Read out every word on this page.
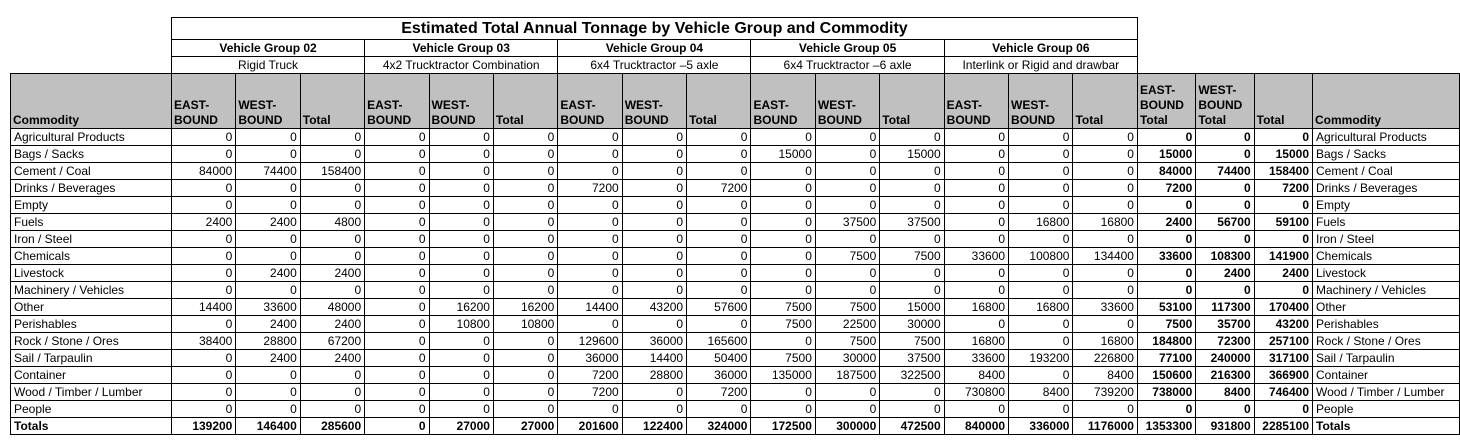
	Estimated Total Annual Tonnage by Vehicle Group and Commodity																		
	Vehicle Group 02			Vehicle Group 03			Vehicle Group 04			Vehicle Group 05			Vehicle Group 06						
	Rigid Truck			4x2 Trucktractor Combination			6x4 Trucktractor –5 axle			6x4 Trucktractor –6 axle			Interlink or Rigid and drawbar						
Commodity	EAST-BOUND	WEST-BOUND	Total	EAST-BOUND	WEST-BOUND	Total	EAST-BOUND	WEST-BOUND	Total	EAST-BOUND	WEST-BOUND	Total	EAST-BOUND	WEST-BOUND	Total	EAST-BOUND Total	WEST-BOUND Total	Total	Commodity
Agricultural Products	0	0	0	0	0	0	0	0	0	0	0	0	0	0	0	0	0	0	Agricultural Products
Bags / Sacks	0	0	0	0	0	0	0	0	0	15000	0	15000	0	0	0	15000	0	15000	Bags / Sacks
Cement / Coal	84000	74400	158400	0	0	0	0	0	0	0	0	0	0	0	0	84000	74400	158400	Cement / Coal
Drinks / Beverages	0	0	0	0	0	0	7200	0	7200	0	0	0	0	0	0	7200	0	7200	Drinks / Beverages
Empty	0	0	0	0	0	0	0	0	0	0	0	0	0	0	0	0	0	0	Empty
Fuels	2400	2400	4800	0	0	0	0	0	0	0	37500	37500	0	16800	16800	2400	56700	59100	Fuels
Iron / Steel	0	0	0	0	0	0	0	0	0	0	0	0	0	0	0	0	0	0	Iron / Steel
Chemicals	0	0	0	0	0	0	0	0	0	0	7500	7500	33600	100800	134400	33600	108300	141900	Chemicals
Livestock	0	2400	2400	0	0	0	0	0	0	0	0	0	0	0	0	0	2400	2400	Livestock
Machinery / Vehicles	0	0	0	0	0	0	0	0	0	0	0	0	0	0	0	0	0	0	Machinery / Vehicles
Other	14400	33600	48000	0	16200	16200	14400	43200	57600	7500	7500	15000	16800	16800	33600	53100	117300	170400	Other
Perishables	0	2400	2400	0	10800	10800	0	0	0	7500	22500	30000	0	0	0	7500	35700	43200	Perishables
Rock / Stone / Ores	38400	28800	67200	0	0	0	129600	36000	165600	0	7500	7500	16800	0	16800	184800	72300	257100	Rock / Stone / Ores
Sail / Tarpaulin	0	2400	2400	0	0	0	36000	14400	50400	7500	30000	37500	33600	193200	226800	77100	240000	317100	Sail / Tarpaulin
Container	0	0	0	0	0	0	7200	28800	36000	135000	187500	322500	8400	0	8400	150600	216300	366900	Container
Wood / Timber / Lumber	0	0	0	0	0	0	7200	0	7200	0	0	0	730800	8400	739200	738000	8400	746400	Wood / Timber / Lumber
People	0	0	0	0	0	0	0	0	0	0	0	0	0	0	0	0	0	0	People
Totals	139200	146400	285600	0	27000	27000	201600	122400	324000	172500	300000	472500	840000	336000	1176000	1353300	931800	2285100	Totals
